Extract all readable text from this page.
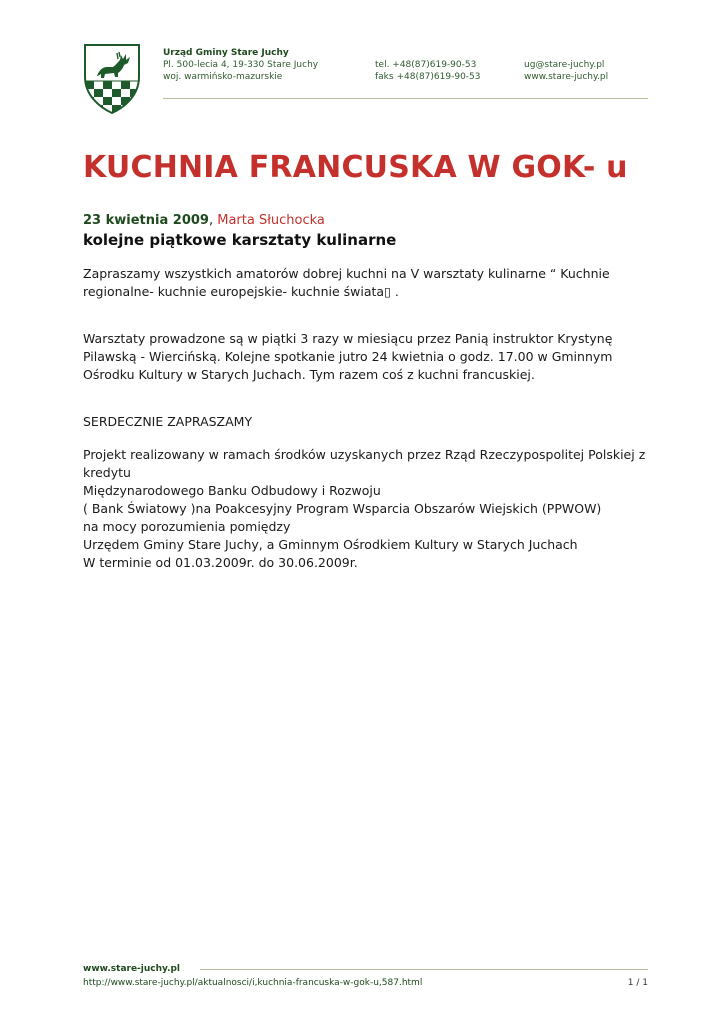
Urząd Gminy Stare Juchy
Pl. 500-lecia 4, 19-330 Stare Juchy
woj. warmińsko-mazurskie
tel. +48(87)619-90-53
faks +48(87)619-90-53
ug@stare-juchy.pl
www.stare-juchy.pl
KUCHNIA FRANCUSKA W GOK- u
23 kwietnia 2009, Marta Słuchocka
kolejne piątkowe karsztaty kulinarne
Zapraszamy wszystkich amatorów dobrej kuchni na V warsztaty kulinarne “ Kuchnie
regionalne- kuchnie europejskie- kuchnie świata▯ .
Warsztaty prowadzone są w piątki 3 razy w miesiącu przez Panią instruktor Krystynę
Pilawską - Wiercińską. Kolejne spotkanie jutro 24 kwietnia o godz. 17.00 w Gminnym
Ośrodku Kultury w Starych Juchach. Tym razem coś z kuchni francuskiej.
SERDECZNIE ZAPRASZAMY
Projekt realizowany w ramach środków uzyskanych przez Rząd Rzeczypospolitej Polskiej z
kredytu
Międzynarodowego Banku Odbudowy i Rozwoju
( Bank Światowy )na Poakcesyjny Program Wsparcia Obszarów Wiejskich (PPWOW)
na mocy porozumienia pomiędzy
Urzędem Gminy Stare Juchy, a Gminnym Ośrodkiem Kultury w Starych Juchach
W terminie od 01.03.2009r. do 30.06.2009r.
www.stare-juchy.pl
http://www.stare-juchy.pl/aktualnosci/i,kuchnia-francuska-w-gok-u,587.html	1 / 1
